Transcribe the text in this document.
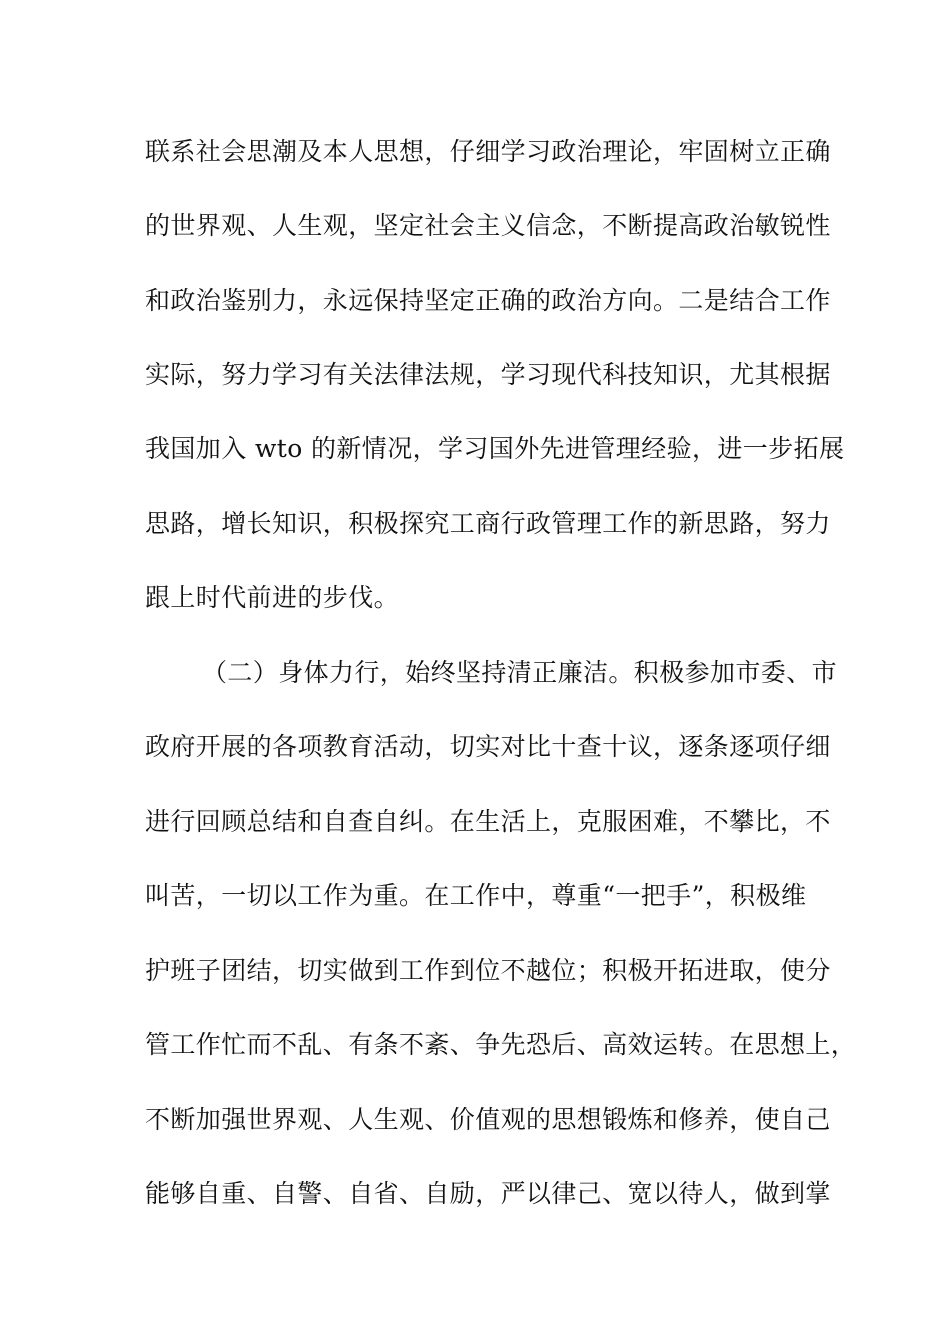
联系社会思潮及本人思想，仔细学习政治理论，牢固树立正确
的世界观、人生观，坚定社会主义信念，不断提高政治敏锐性
和政治鉴别力，永远保持坚定正确的政治方向。二是结合工作
实际，努力学习有关法律法规，学习现代科技知识，尤其根据
我国加入 wto 的新情况，学习国外先进管理经验，进一步拓展
思路，增长知识，积极探究工商行政管理工作的新思路，努力
跟上时代前进的步伐。
（二）身体力行，始终坚持清正廉洁。积极参加市委、市
政府开展的各项教育活动，切实对比十查十议，逐条逐项仔细
进行回顾总结和自查自纠。在生活上，克服困难，不攀比，不
叫苦，一切以工作为重。在工作中，尊重“一把手”，积极维
护班子团结，切实做到工作到位不越位；积极开拓进取，使分
管工作忙而不乱、有条不紊、争先恐后、高效运转。在思想上，
不断加强世界观、人生观、价值观的思想锻炼和修养，使自己
能够自重、自警、自省、自励，严以律己、宽以待人，做到掌
